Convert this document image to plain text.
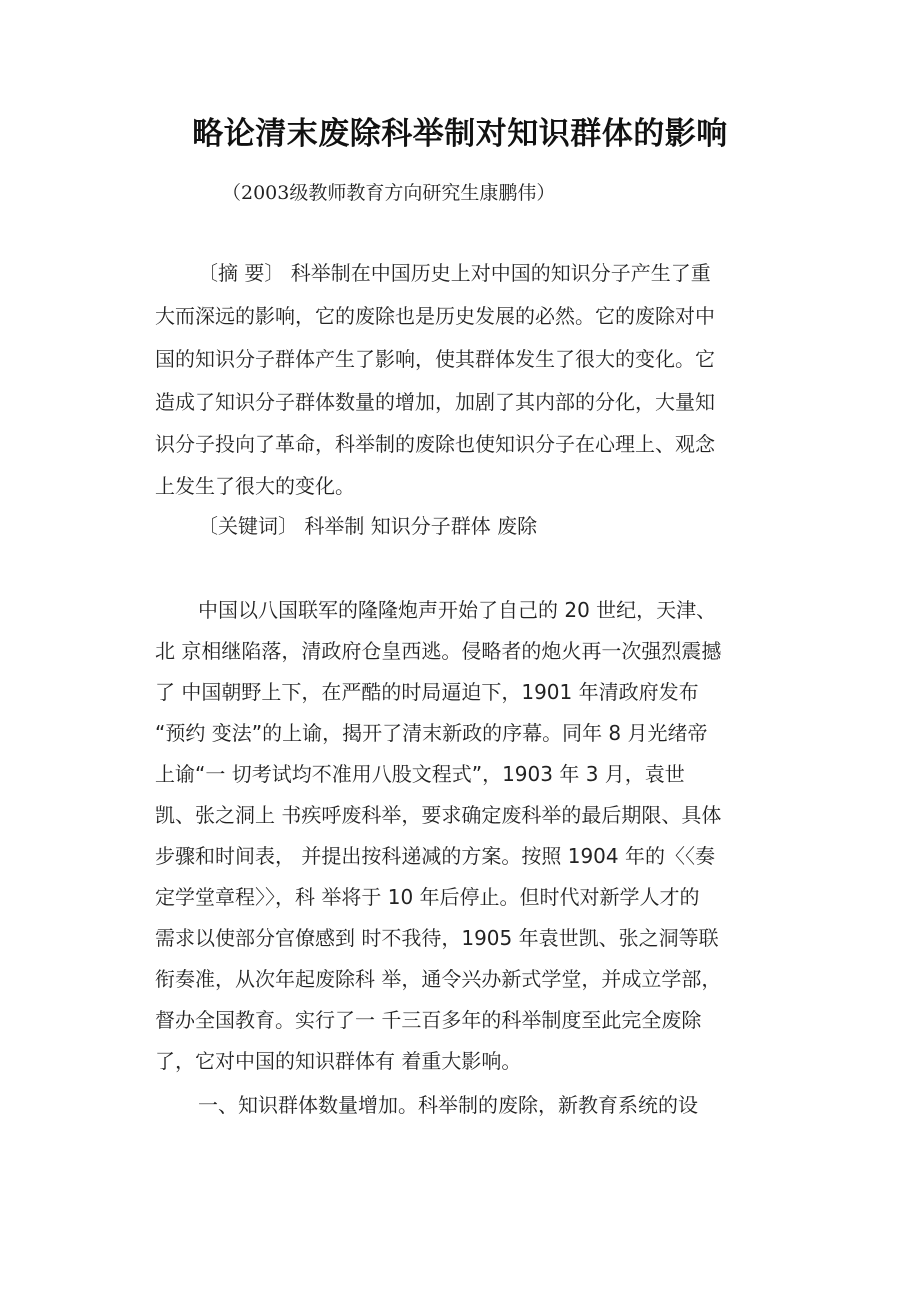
略论清末废除科举制对知识群体的影响
（2003级教师教育方向研究生康鹏伟）
〔摘 要〕 科举制在中国历史上对中国的知识分子产生了重
大而深远的影响，它的废除也是历史发展的必然。它的废除对中
国的知识分子群体产生了影响，使其群体发生了很大的变化。它
造成了知识分子群体数量的增加，加剧了其内部的分化，大量知
识分子投向了革命，科举制的废除也使知识分子在心理上、观念
上发生了很大的变化。
〔关键词〕 科举制 知识分子群体 废除
中国以八国联军的隆隆炮声开始了自己的 20 世纪，天津、
北 京相继陷落，清政府仓皇西逃。侵略者的炮火再一次强烈震撼
了 中国朝野上下，在严酷的时局逼迫下，1901 年清政府发布
“预约 变法”的上谕，揭开了清末新政的序幕。同年 8 月光绪帝
上谕“一 切考试均不准用八股文程式”，1903 年 3 月，袁世
凯、张之洞上 书疾呼废科举，要求确定废科举的最后期限、具体
步骤和时间表， 并提出按科递减的方案。按照 1904 年的〈〈奏
定学堂章程〉〉，科 举将于 10 年后停止。但时代对新学人才的
需求以使部分官僚感到 时不我待，1905 年袁世凯、张之洞等联
衔奏准，从次年起废除科 举，通令兴办新式学堂，并成立学部，
督办全国教育。实行了一 千三百多年的科举制度至此完全废除
了，它对中国的知识群体有 着重大影响。
一、知识群体数量增加。科举制的废除，新教育系统的设
